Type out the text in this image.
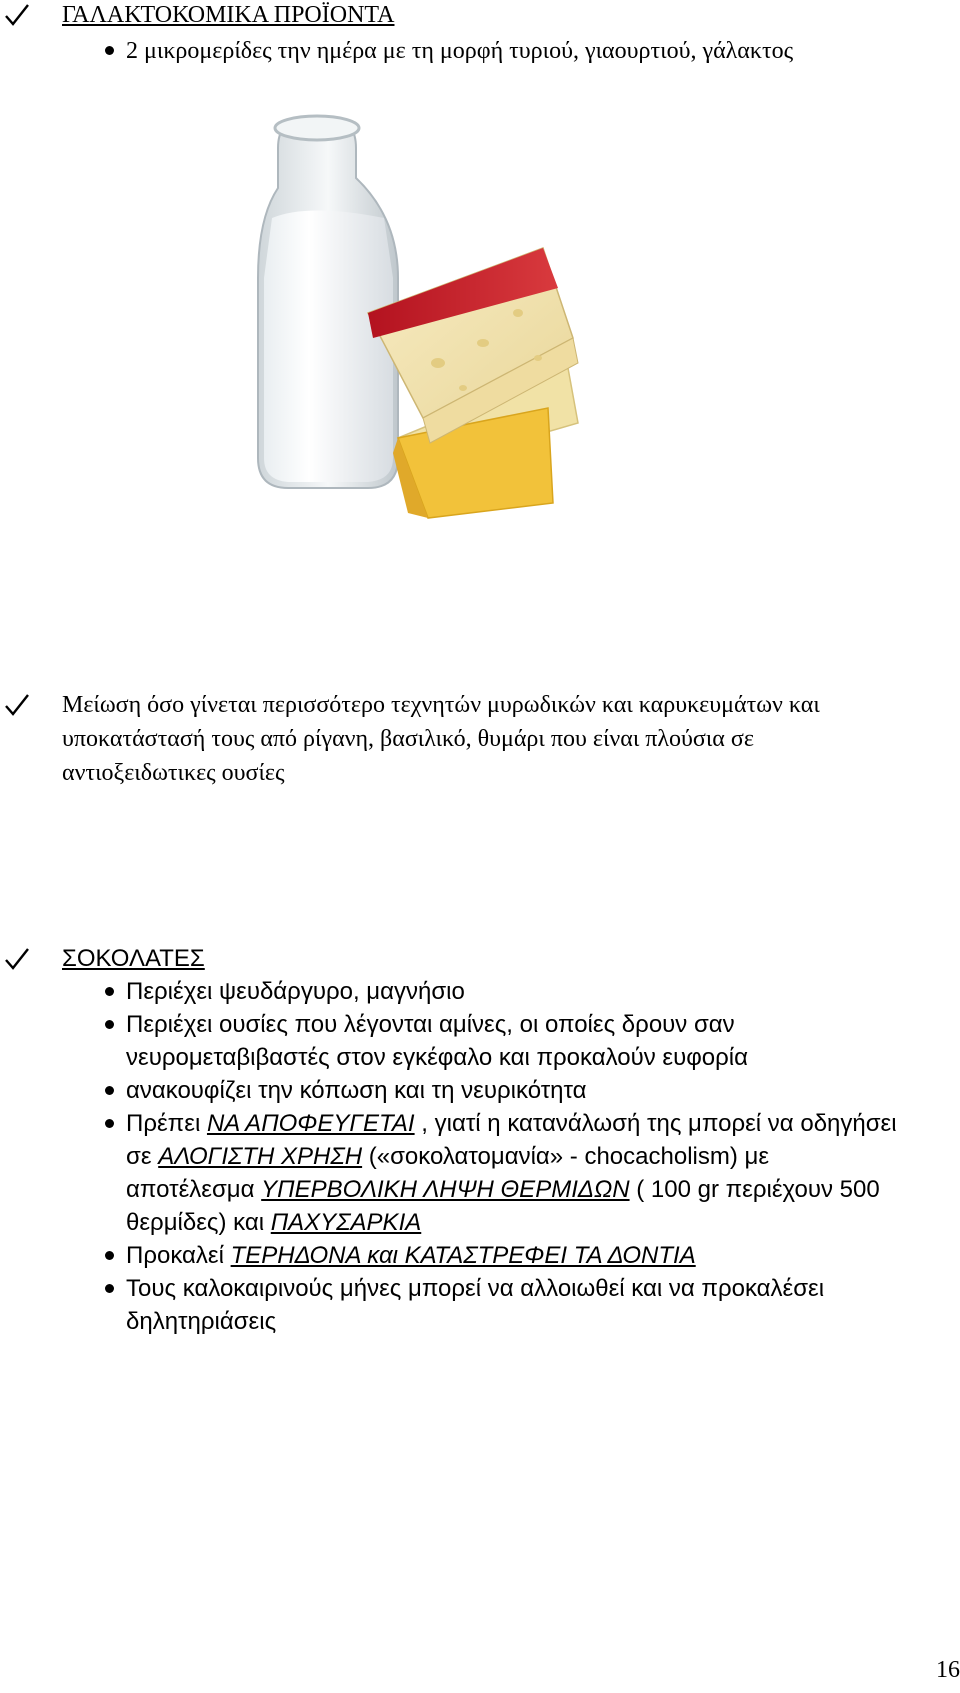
ΓΑΛΑΚΤΟΚΟΜΙΚΑ ΠΡΟΪΟΝΤΑ
2 μικρομερίδες την ημέρα με τη μορφή τυριού, γιαουρτιού, γάλακτος
Μείωση όσο γίνεται περισσότερο τεχνητών μυρωδικών και καρυκευμάτων και
υποκατάστασή τους από ρίγανη, βασιλικό, θυμάρι που είναι πλούσια σε
αντιοξειδωτικες ουσίες
ΣΟΚΟΛΑΤΕΣ
Περιέχει ψευδάργυρο, μαγνήσιο
Περιέχει ουσίες που λέγονται αμίνες, οι οποίες δρουν σαν
νευρομεταβιβαστές στον εγκέφαλο και προκαλούν ευφορία
ανακουφίζει την κόπωση και τη νευρικότητα
Πρέπει ΝΑ ΑΠΟΦΕΥΓΕΤΑΙ , γιατί η κατανάλωσή της μπορεί να οδηγήσει
σε ΑΛΟΓΙΣΤΗ ΧΡΗΣΗ («σοκολατομανία» - chocacholism) με
αποτέλεσμα ΥΠΕΡΒΟΛΙΚΗ ΛΗΨΗ ΘΕΡΜΙΔΩΝ ( 100 gr περιέχουν 500
θερμίδες) και ΠΑΧΥΣΑΡΚΙΑ
Προκαλεί ΤΕΡΗΔΟΝΑ και ΚΑΤΑΣΤΡΕΦΕΙ ΤΑ ΔΟΝΤΙΑ
Τους καλοκαιρινούς μήνες μπορεί να αλλοιωθεί και να προκαλέσει
δηλητηριάσεις
16
